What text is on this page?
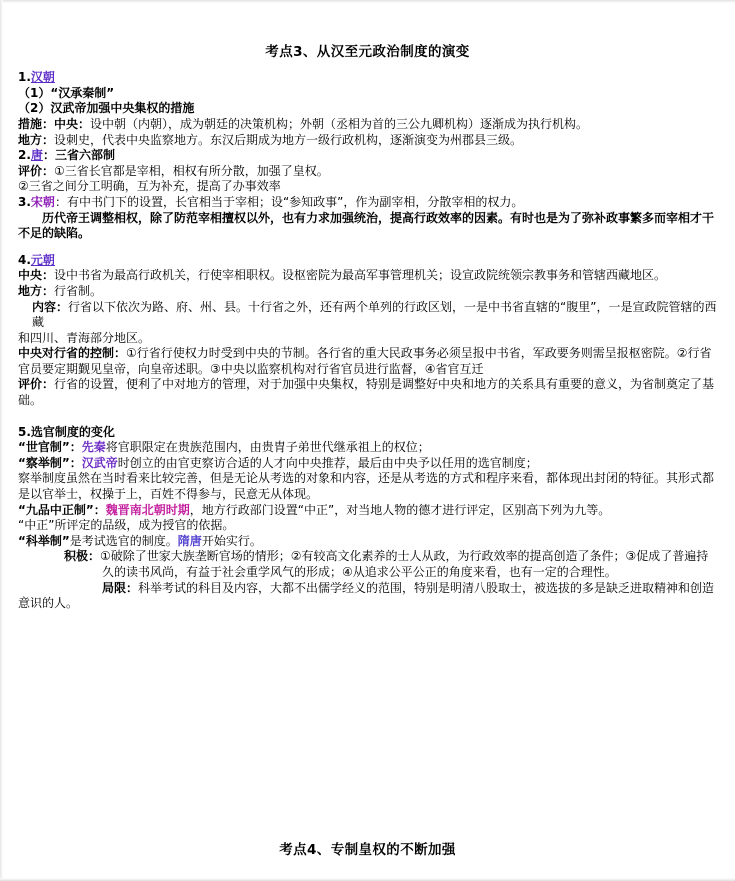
考点3、从汉至元政治制度的演变

1.汉朝

（1）“汉承秦制”

（2）汉武帝加强中央集权的措施

措施：中央：设中朝（内朝），成为朝廷的决策机构；外朝（丞相为首的三公九卿机构）逐渐成为执行机构。

地方：设刺史，代表中央监察地方。东汉后期成为地方一级行政机构，逐渐演变为州郡县三级。

2.唐：三省六部制

评价：①三省长官都是宰相，相权有所分散，加强了皇权。

②三省之间分工明确，互为补充，提高了办事效率

3.宋朝：有中书门下的设置，长官相当于宰相；设“参知政事”，作为副宰相，分散宰相的权力。

历代帝王调整相权，除了防范宰相擅权以外，也有力求加强统治，提高行政效率的因素。有时也是为了弥补政事繁多而宰相才干不足的缺陷。

4.元朝

中央：设中书省为最高行政机关，行使宰相职权。设枢密院为最高军事管理机关；设宣政院统领宗教事务和管辖西藏地区。

地方：行省制。

内容：行省以下依次为路、府、州、县。十行省之外，还有两个单列的行政区划，一是中书省直辖的“腹里”，一是宣政院管辖的西藏

和四川、青海部分地区。

中央对行省的控制：①行省行使权力时受到中央的节制。各行省的重大民政事务必须呈报中书省，军政要务则需呈报枢密院。②行省官员要定期觐见皇帝，向皇帝述职。③中央以监察机构对行省官员进行监督，④省官互迁

评价：行省的设置，便利了中对地方的管理，对于加强中央集权，特别是调整好中央和地方的关系具有重要的意义，为省制奠定了基础。

5.选官制度的变化

“世官制”：先秦将官职限定在贵族范围内，由贵胄子弟世代继承祖上的权位；

“察举制”：汉武帝时创立的由官吏察访合适的人才向中央推荐，最后由中央予以任用的选官制度；

察举制度虽然在当时看来比较完善，但是无论从考选的对象和内容，还是从考选的方式和程序来看，都体现出封闭的特征。其形式都是以官举士，权操于上，百姓不得参与，民意无从体现。

“九品中正制”：魏晋南北朝时期，地方行政部门设置“中正”，对当地人物的德才进行评定，区别高下列为九等。

“中正”所评定的品级，成为授官的依据。

“科举制”是考试选官的制度。隋唐开始实行。

积极：①破除了世家大族垄断官场的情形；②有较高文化素养的士人从政，为行政效率的提高创造了条件；③促成了普遍持久的读书风尚，有益于社会重学风气的形成；④从追求公平公正的角度来看，也有一定的合理性。

局限：科举考试的科目及内容，大都不出儒学经义的范围，特别是明清八股取士，被选拔的多是缺乏进取精神和创造意识的人。

考点4、专制皇权的不断加强
